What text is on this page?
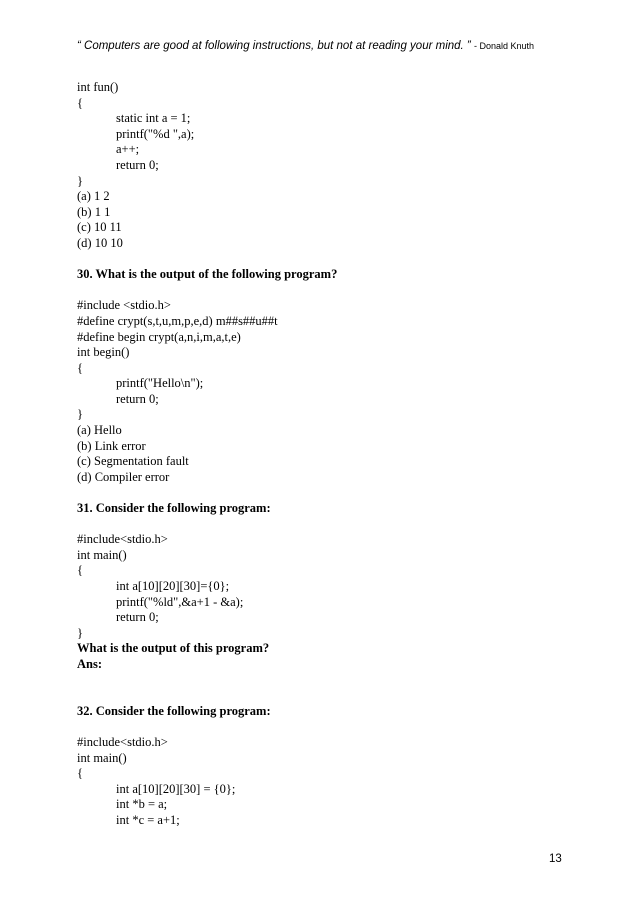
“ Computers are good at following instructions, but not at reading your mind. ” - Donald Knuth
int fun()
{
static int a = 1;
printf("%d ",a);
a++;
return 0;
}
(a) 1 2
(b) 1 1
(c) 10 11
(d) 10 10
30. What is the output of the following program?
#include <stdio.h>
#define crypt(s,t,u,m,p,e,d) m##s##u##t
#define begin crypt(a,n,i,m,a,t,e)
int begin()
{
printf("Hello\n");
return 0;
}
(a) Hello
(b) Link error
(c) Segmentation fault
(d) Compiler error
31. Consider the following program:
#include<stdio.h>
int main()
{
int a[10][20][30]={0};
printf("%ld",&a+1 - &a);
return 0;
}
What is the output of this program?
Ans:
32. Consider the following program:
#include<stdio.h>
int main()
{
int a[10][20][30] = {0};
int *b = a;
int *c = a+1;
13
